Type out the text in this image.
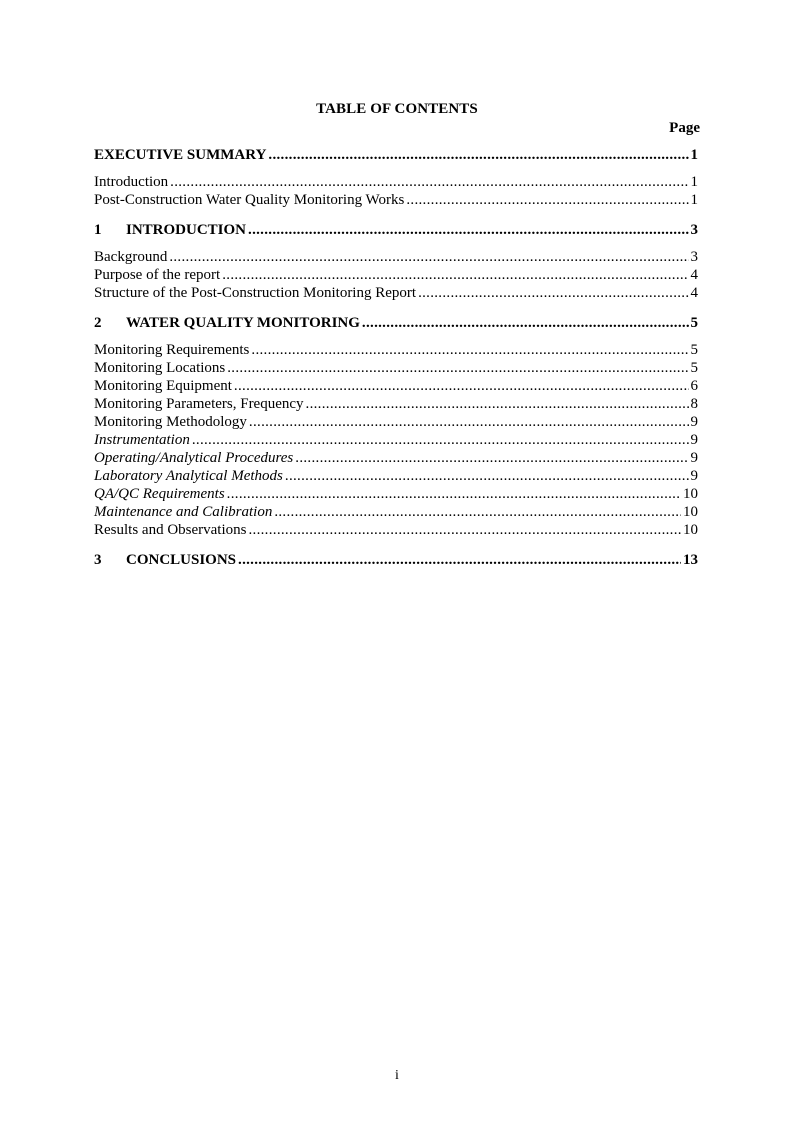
TABLE OF CONTENTS
Page
EXECUTIVE SUMMARY .....	1
Introduction .....	1
Post-Construction Water Quality Monitoring Works .....	1
1	INTRODUCTION .....	3
Background .....	3
Purpose of the report .....	4
Structure of the Post-Construction Monitoring Report .....	4
2	WATER QUALITY MONITORING .....	5
Monitoring Requirements .....	5
Monitoring Locations .....	5
Monitoring Equipment .....	6
Monitoring Parameters, Frequency .....	8
Monitoring Methodology .....	9
Instrumentation .....	9
Operating/Analytical Procedures .....	9
Laboratory Analytical Methods .....	9
QA/QC Requirements .....	10
Maintenance and Calibration .....	10
Results and Observations .....	10
3	CONCLUSIONS .....	13
i
